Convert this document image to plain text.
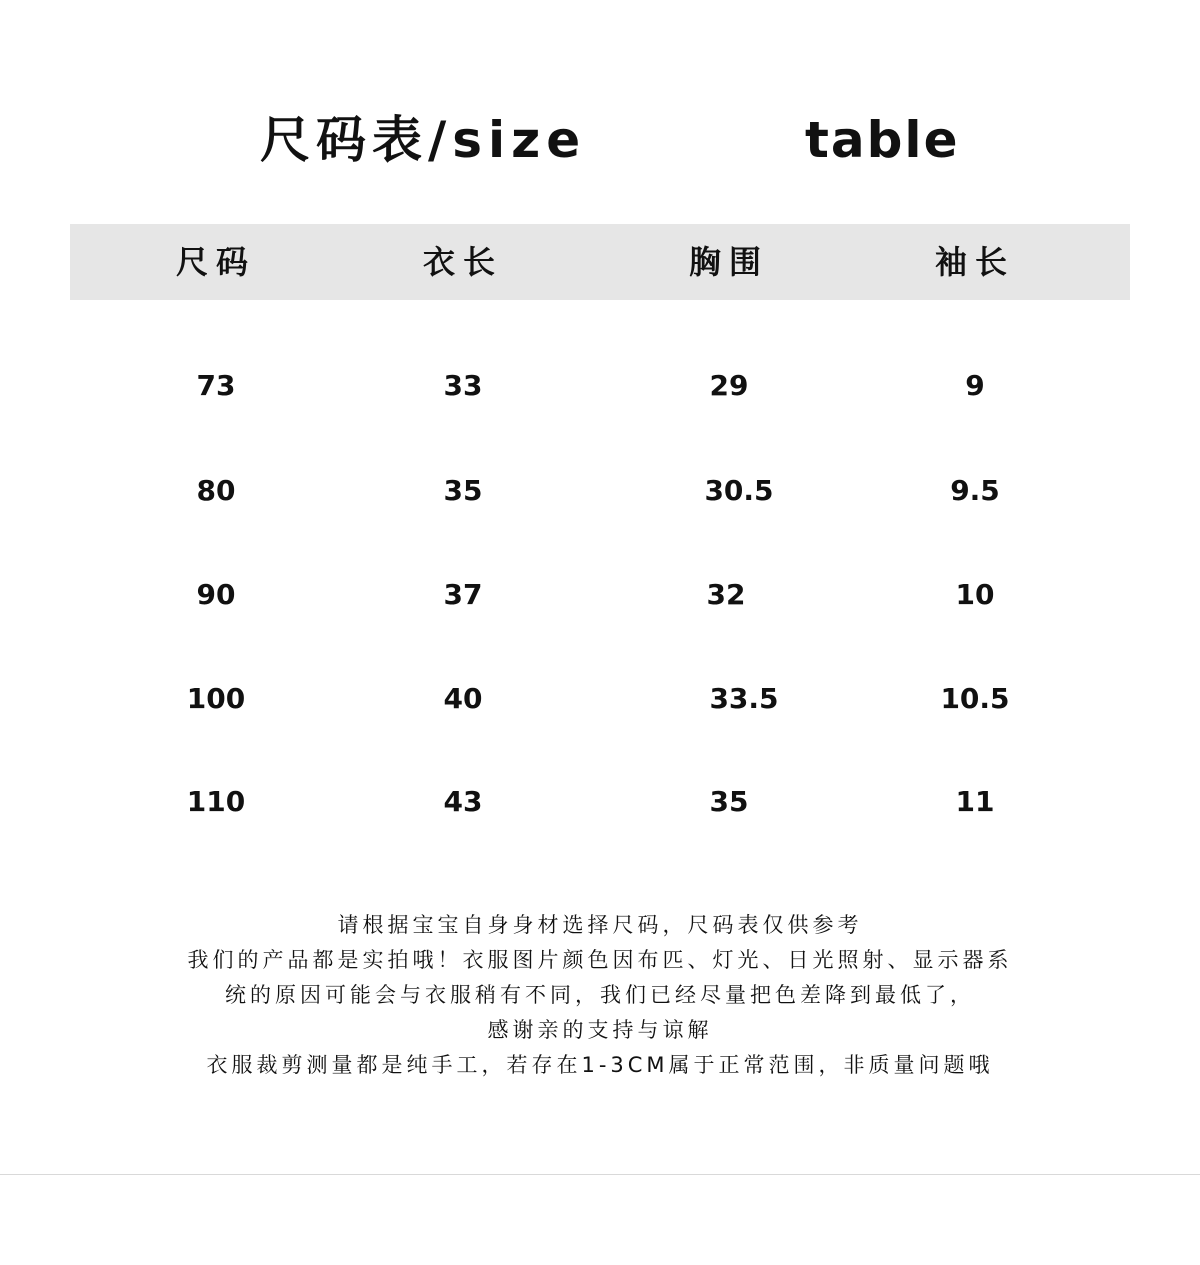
尺码表/size	table
尺码	衣长	胸围	袖长
73	33	29	9
80	35	30.5	9.5
90	37	32	10
100	40	33.5	10.5
110	43	35	11
请根据宝宝自身身材选择尺码，尺码表仅供参考
我们的产品都是实拍哦！衣服图片颜色因布匹、灯光、日光照射、显示器系
统的原因可能会与衣服稍有不同，我们已经尽量把色差降到最低了，
感谢亲的支持与谅解
衣服裁剪测量都是纯手工，若存在1-3CM属于正常范围，非质量问题哦
